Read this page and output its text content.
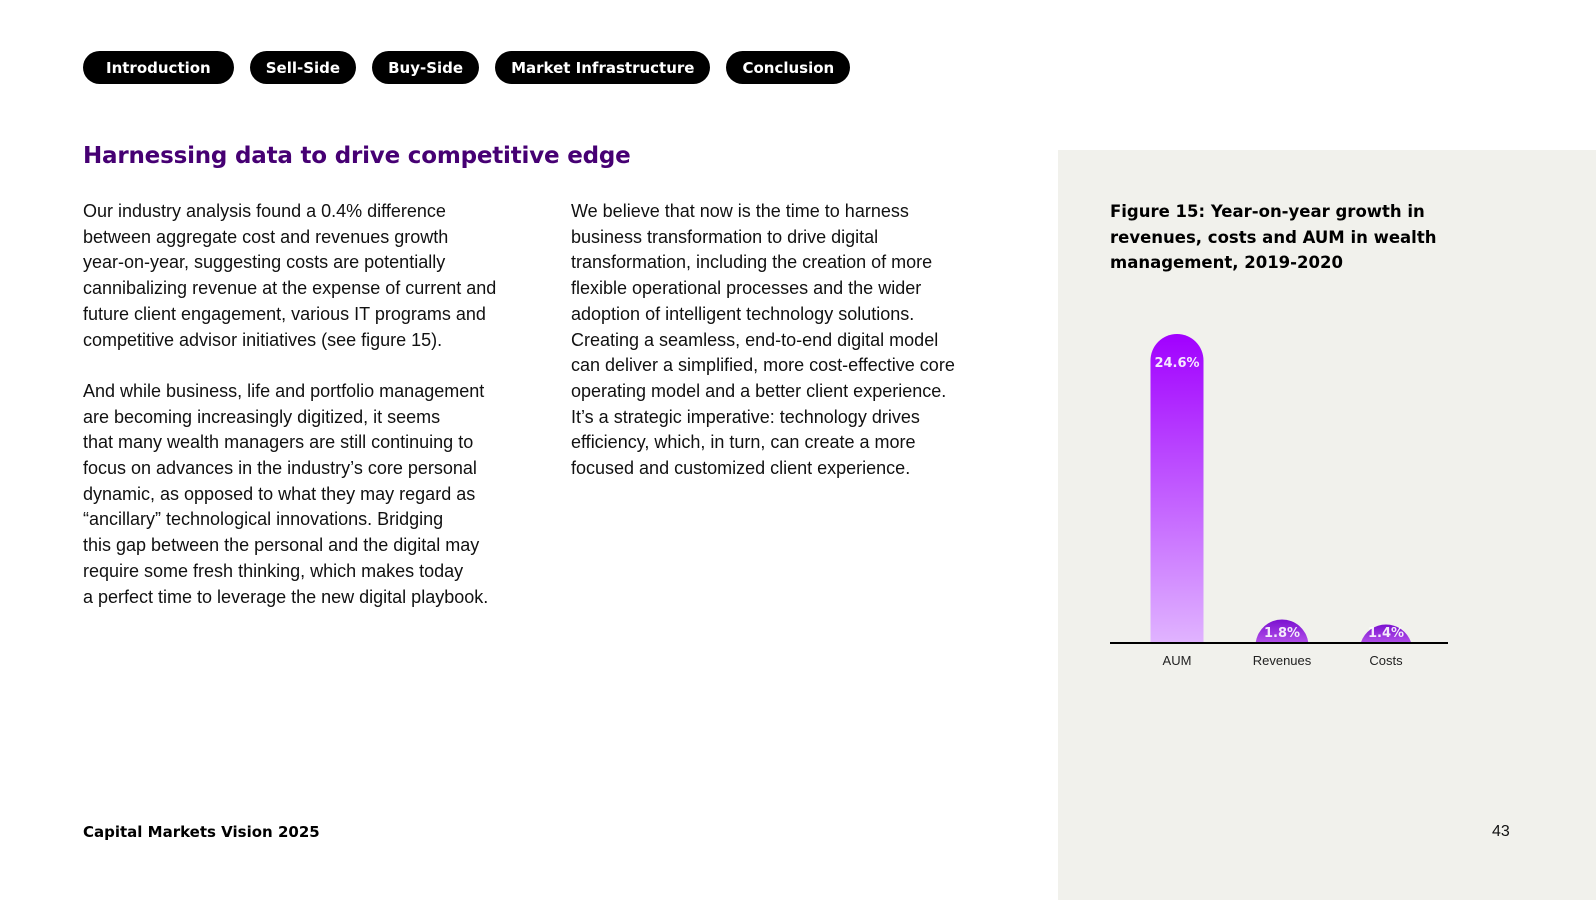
Introduction	Sell-Side	Buy-Side	Market Infrastructure	Conclusion
Harnessing data to drive competitive edge

Our industry analysis found a 0.4% difference
between aggregate cost and revenues growth
year-on-year, suggesting costs are potentially
cannibalizing revenue at the expense of current and
future client engagement, various IT programs and
competitive advisor initiatives (see figure 15).

And while business, life and portfolio management
are becoming increasingly digitized, it seems
that many wealth managers are still continuing to
focus on advances in the industry’s core personal
dynamic, as opposed to what they may regard as
“ancillary” technological innovations. Bridging
this gap between the personal and the digital may
require some fresh thinking, which makes today
a perfect time to leverage the new digital playbook.

We believe that now is the time to harness
business transformation to drive digital
transformation, including the creation of more
flexible operational processes and the wider
adoption of intelligent technology solutions.
Creating a seamless, end-to-end digital model
can deliver a simplified, more cost-effective core
operating model and a better client experience.
It’s a strategic imperative: technology drives
efficiency, which, in turn, can create a more
focused and customized client experience.

Figure 15: Year-on-year growth in
revenues, costs and AUM in wealth
management, 2019-2020
24.6%
1.8%	1.4%
AUM	Revenues	Costs
Capital Markets Vision 2025	43
